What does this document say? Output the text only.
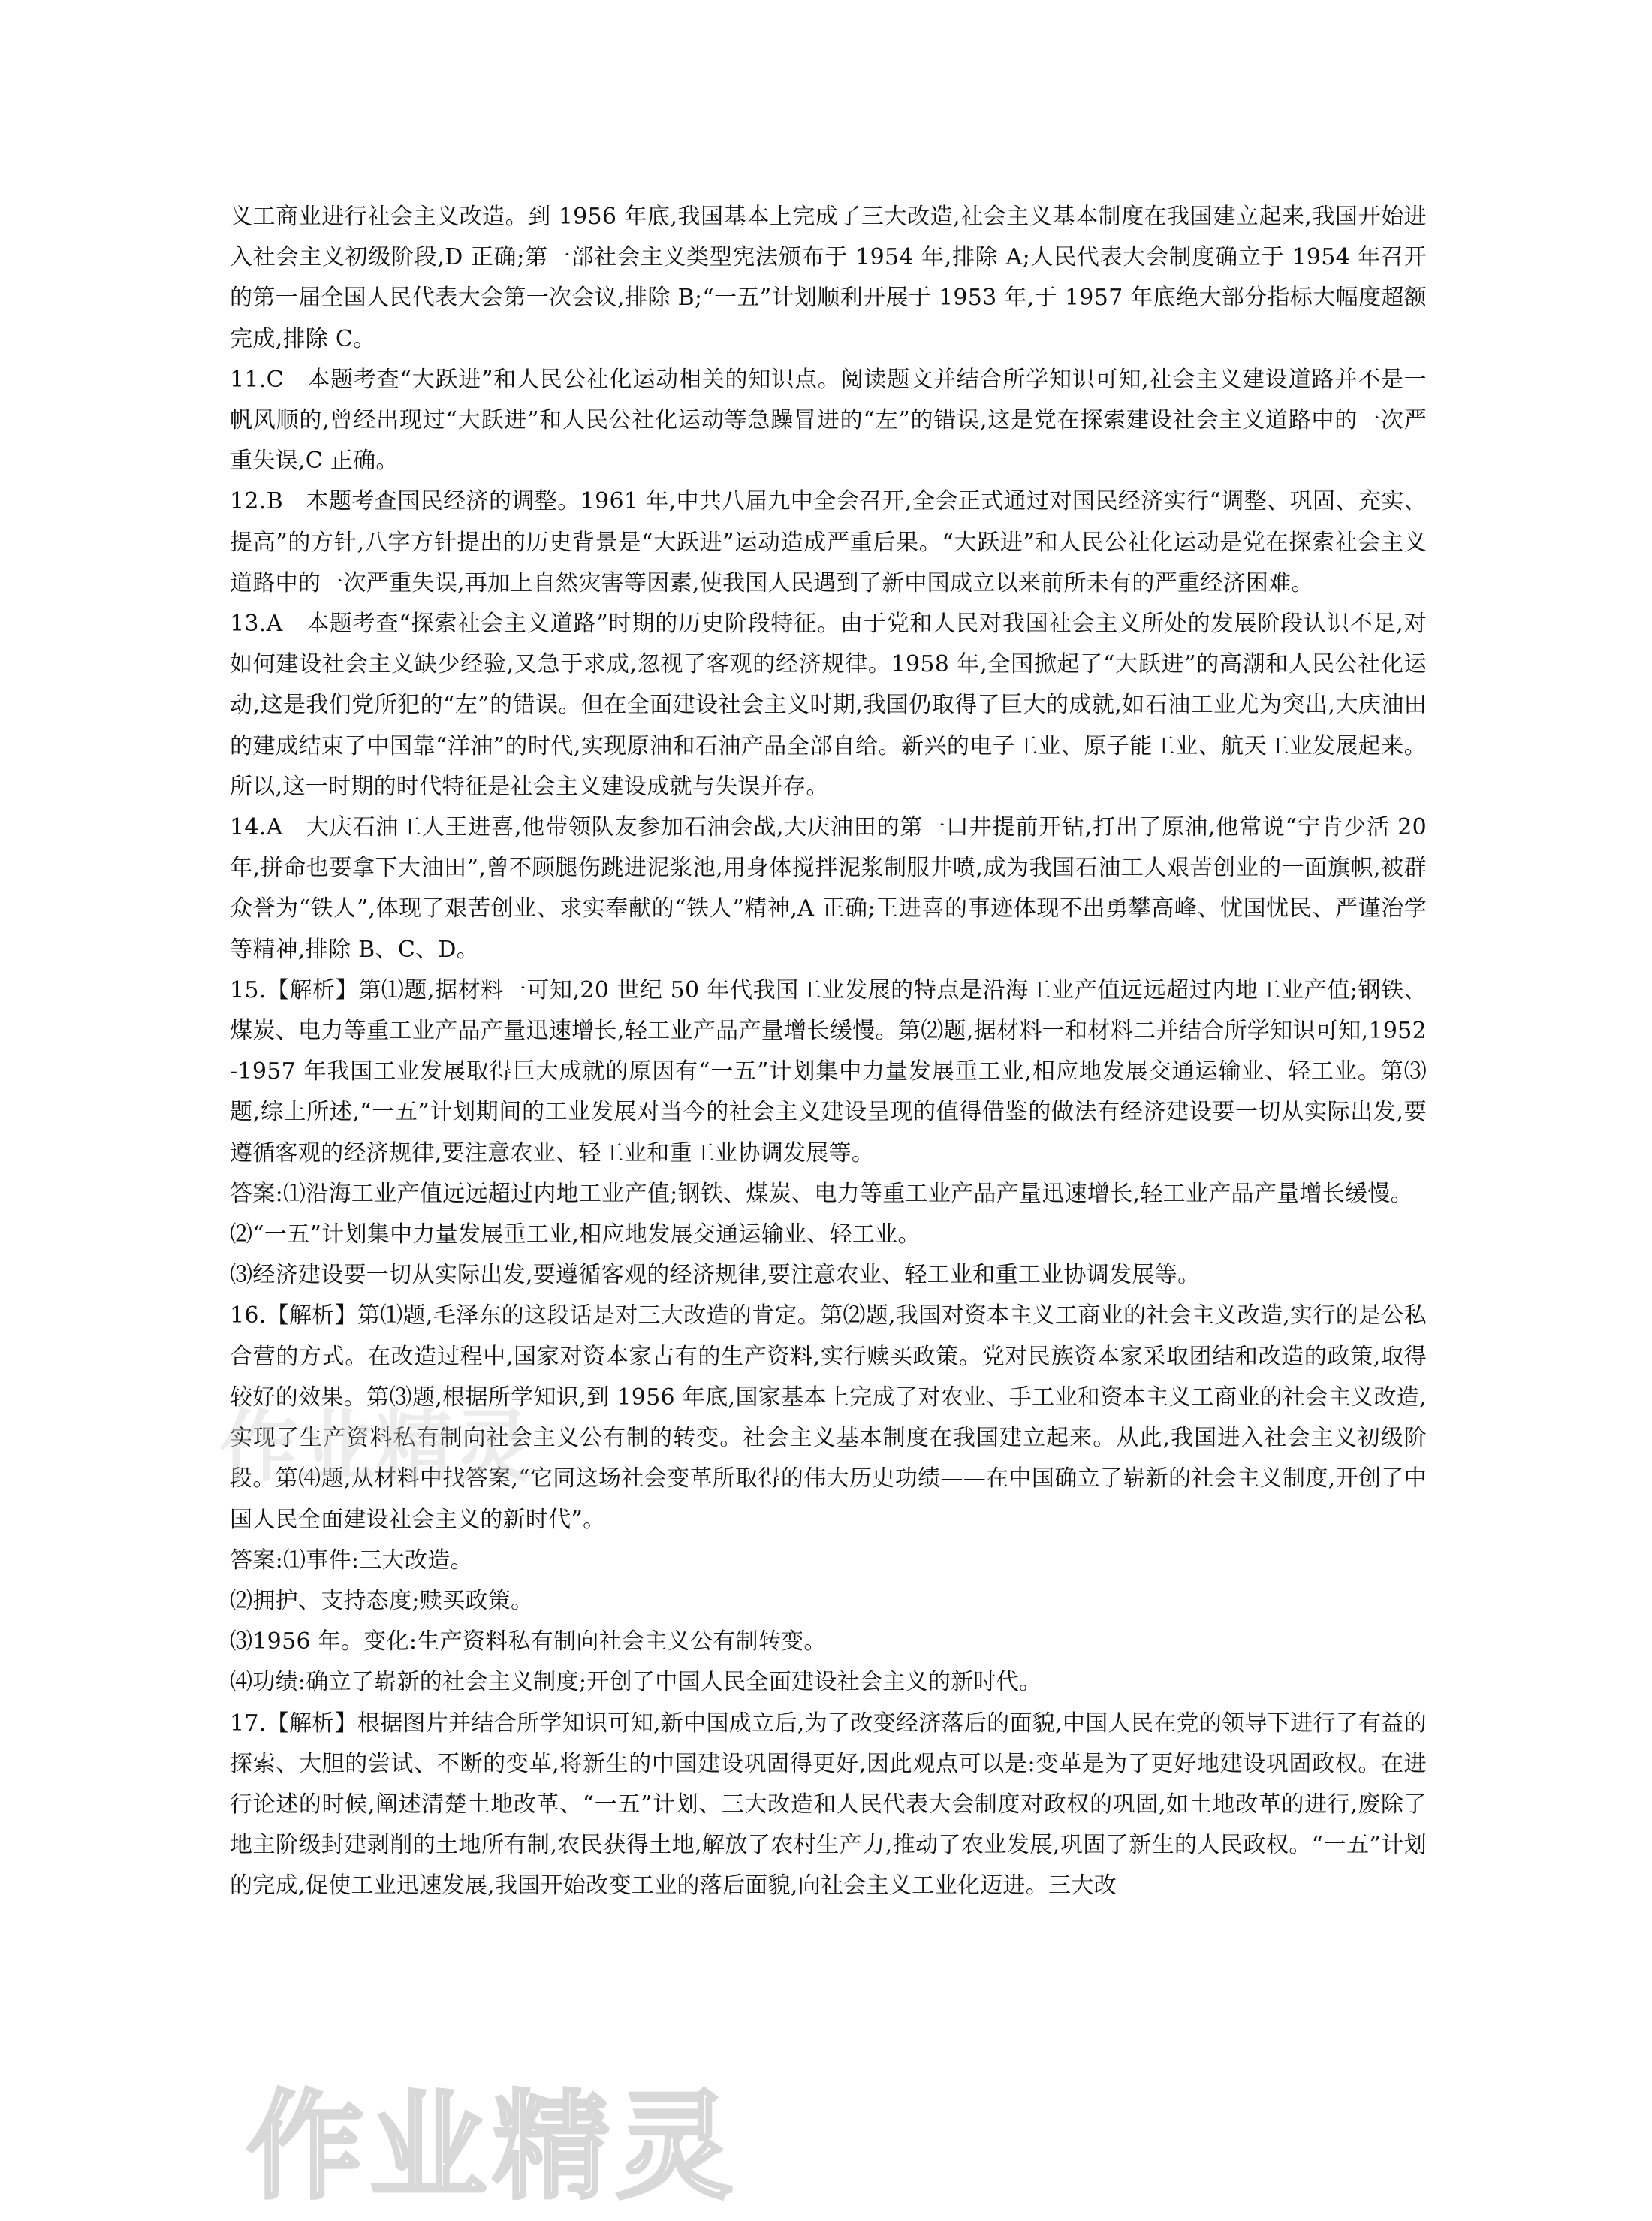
义工商业进行社会主义改造。到 1956 年底,我国基本上完成了三大改造,社会主义基本制度在我国建立起来,我国开始进入社会主义初级阶段,D 正确;第一部社会主义类型宪法颁布于 1954 年,排除 A;人民代表大会制度确立于 1954 年召开的第一届全国人民代表大会第一次会议,排除 B;“一五”计划顺利开展于 1953 年,于 1957 年底绝大部分指标大幅度超额完成,排除 C。

11.C　本题考查“大跃进”和人民公社化运动相关的知识点。阅读题文并结合所学知识可知,社会主义建设道路并不是一帆风顺的,曾经出现过“大跃进”和人民公社化运动等急躁冒进的“左”的错误,这是党在探索建设社会主义道路中的一次严重失误,C 正确。

12.B　本题考查国民经济的调整。1961 年,中共八届九中全会召开,全会正式通过对国民经济实行“调整、巩固、充实、提高”的方针,八字方针提出的历史背景是“大跃进”运动造成严重后果。“大跃进”和人民公社化运动是党在探索社会主义道路中的一次严重失误,再加上自然灾害等因素,使我国人民遇到了新中国成立以来前所未有的严重经济困难。

13.A　本题考查“探索社会主义道路”时期的历史阶段特征。由于党和人民对我国社会主义所处的发展阶段认识不足,对如何建设社会主义缺少经验,又急于求成,忽视了客观的经济规律。1958 年,全国掀起了“大跃进”的高潮和人民公社化运动,这是我们党所犯的“左”的错误。但在全面建设社会主义时期,我国仍取得了巨大的成就,如石油工业尤为突出,大庆油田的建成结束了中国靠“洋油”的时代,实现原油和石油产品全部自给。新兴的电子工业、原子能工业、航天工业发展起来。所以,这一时期的时代特征是社会主义建设成就与失误并存。

14.A　大庆石油工人王进喜,他带领队友参加石油会战,大庆油田的第一口井提前开钻,打出了原油,他常说“宁肯少活 20 年,拼命也要拿下大油田”,曾不顾腿伤跳进泥浆池,用身体搅拌泥浆制服井喷,成为我国石油工人艰苦创业的一面旗帜,被群众誉为“铁人”,体现了艰苦创业、求实奉献的“铁人”精神,A 正确;王进喜的事迹体现不出勇攀高峰、忧国忧民、严谨治学等精神,排除 B、C、D。

15.【解析】第⑴题,据材料一可知,20 世纪 50 年代我国工业发展的特点是沿海工业产值远远超过内地工业产值;钢铁、煤炭、电力等重工业产品产量迅速增长,轻工业产品产量增长缓慢。第⑵题,据材料一和材料二并结合所学知识可知,1952-1957 年我国工业发展取得巨大成就的原因有“一五”计划集中力量发展重工业,相应地发展交通运输业、轻工业。第⑶题,综上所述,“一五”计划期间的工业发展对当今的社会主义建设呈现的值得借鉴的做法有经济建设要一切从实际出发,要遵循客观的经济规律,要注意农业、轻工业和重工业协调发展等。

答案:⑴沿海工业产值远远超过内地工业产值;钢铁、煤炭、电力等重工业产品产量迅速增长,轻工业产品产量增长缓慢。

⑵“一五”计划集中力量发展重工业,相应地发展交通运输业、轻工业。

⑶经济建设要一切从实际出发,要遵循客观的经济规律,要注意农业、轻工业和重工业协调发展等。

16.【解析】第⑴题,毛泽东的这段话是对三大改造的肯定。第⑵题,我国对资本主义工商业的社会主义改造,实行的是公私合营的方式。在改造过程中,国家对资本家占有的生产资料,实行赎买政策。党对民族资本家采取团结和改造的政策,取得较好的效果。第⑶题,根据所学知识,到 1956 年底,国家基本上完成了对农业、手工业和资本主义工商业的社会主义改造,实现了生产资料私有制向社会主义公有制的转变。社会主义基本制度在我国建立起来。从此,我国进入社会主义初级阶段。第⑷题,从材料中找答案,“它同这场社会变革所取得的伟大历史功绩——在中国确立了崭新的社会主义制度,开创了中国人民全面建设社会主义的新时代”。

答案:⑴事件:三大改造。

⑵拥护、支持态度;赎买政策。

⑶1956 年。变化:生产资料私有制向社会主义公有制转变。

⑷功绩:确立了崭新的社会主义制度;开创了中国人民全面建设社会主义的新时代。

17.【解析】根据图片并结合所学知识可知,新中国成立后,为了改变经济落后的面貌,中国人民在党的领导下进行了有益的探索、大胆的尝试、不断的变革,将新生的中国建设巩固得更好,因此观点可以是:变革是为了更好地建设巩固政权。在进行论述的时候,阐述清楚土地改革、“一五”计划、三大改造和人民代表大会制度对政权的巩固,如土地改革的进行,废除了地主阶级封建剥削的土地所有制,农民获得土地,解放了农村生产力,推动了农业发展,巩固了新生的人民政权。“一五”计划的完成,促使工业迅速发展,我国开始改变工业的落后面貌,向社会主义工业化迈进。三大改

作业精灵
作业精灵
